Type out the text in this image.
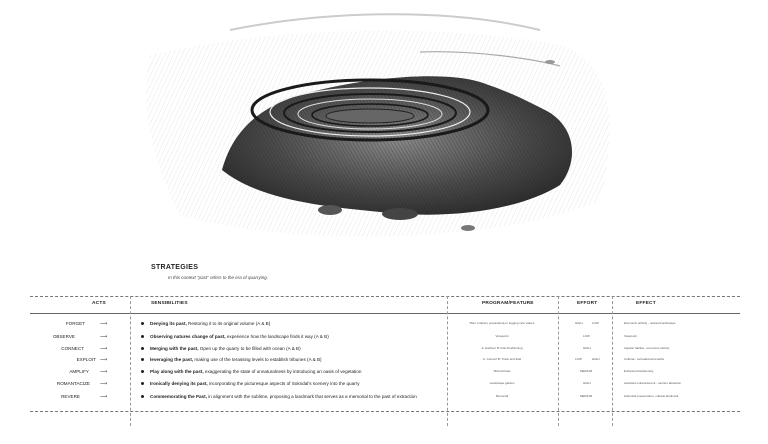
STRATEGIES
In this context "past" refers to the era of quarrying.
ACTS	SENSIBILITIES	PROGRAM/FEATURE	EFFORT	EFFECT
FORGET	⟶	Denying its past, Restoring it to its original volume (A & B)	Plan: Industry (excavated) or logging new values	HIGH	LOW	Economic activity - restored landscape
OBSERVE	⟶	Observing natures change of past, experience how the landscape finds it way (A & B)	Viewpoint	LOW	Viewpoint
CONNECT	⟶	Merging with the past, Open up the quarry to be filled with ocean (A & B)	A: Harbour B: Fish-Pot/farming	HIGH	Aquatic habitat - economic activity
EXPLOIT ⟶	leveraging the past, making use of the terassing levels to establish tribunes (A & B)	A: Concert B: Track and field	LOW	HIGH	Cultural - recreational benefits
AMPLIFY ⟶	Play along with the past, exaggerating the state of unnaturalness by introducing an oasis of vegetation	Microclimate	MEDIUM	Enhanced biodiversity
ROMANTACIZE ⟶	Ironically denying its past, incorporating the picturesque aspects of Sokndal's scenery into the quarry	Landscape garden	HIGH	Aesthetic enhancement - tourism attraction
REVERE	⟶	Commemorating the Past, in alignment with the sublime, proposing a landmark that serves as a memorial to the past of extraction	Memorial	MEDIUM	Historical preservation, cultural landmark
